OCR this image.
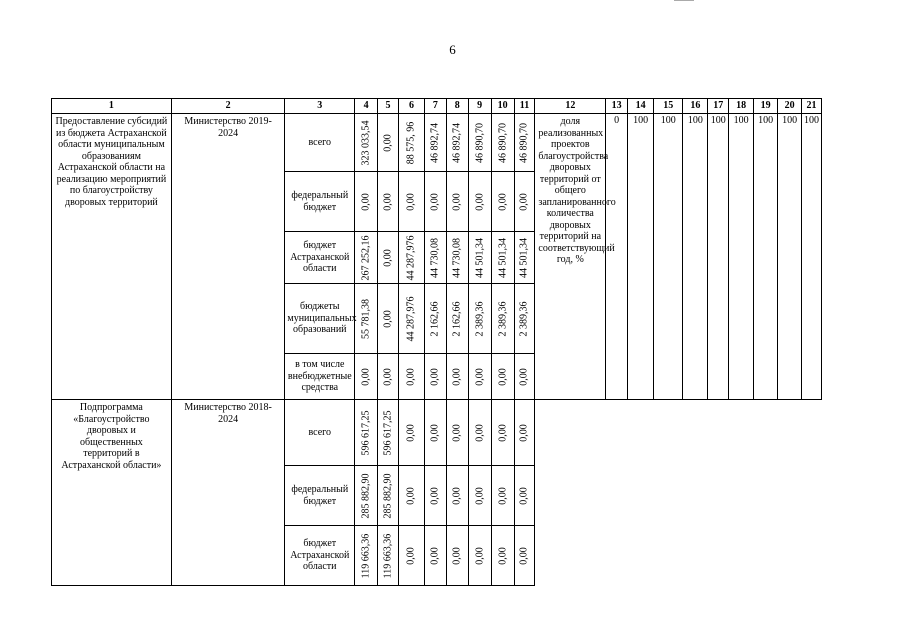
6
1	2	3	4	5	6	7	8	9	10	11	12	13	14	15	16	17	18	19	20	21
Предоставление субсидий из бюджета Астраханской области муниципальным образованиям Астраханской области на реализацию мероприятий по благоустройству дворовых территорий	Министерство 2019-2024	всего	323 033,54	0,00	88 575, 96	46 892,74	46 892,74	46 890,70	46 890,70	46 890,70	доля реализованных проектов благоустройства дворовых территорий от общего запланированного количества дворовых территорий на соответствующий год, %	0	100	100	100	100	100	100	100	100
		федеральный бюджет	0,00	0,00	0,00	0,00	0,00	0,00	0,00	0,00										

		бюджет Астраханской области	267 252,16	0,00	44 287,976	44 730,08	44 730,08	44 501,34	44 501,34	44 501,34										

		бюджеты муниципальных образований	55 781,38	0,00	44 287,976	2 162,66	2 162,66	2 389,36	2 389,36	2 389,36										

		в том числе внебюджетные средства	0,00	0,00	0,00	0,00	0,00	0,00	0,00	0,00										

Подпрограмма «Благоустройство дворовых и общественных территорий в Астраханской области»	Министерство 2018-2024	всего	596 617,25	596 617,25	0,00	0,00	0,00	0,00	0,00	0,00										

		федеральный бюджет	285 882,90	285 882,90	0,00	0,00	0,00	0,00	0,00	0,00										

		бюджет Астраханской области	119 663,36	119 663,36	0,00	0,00	0,00	0,00	0,00	0,00										
